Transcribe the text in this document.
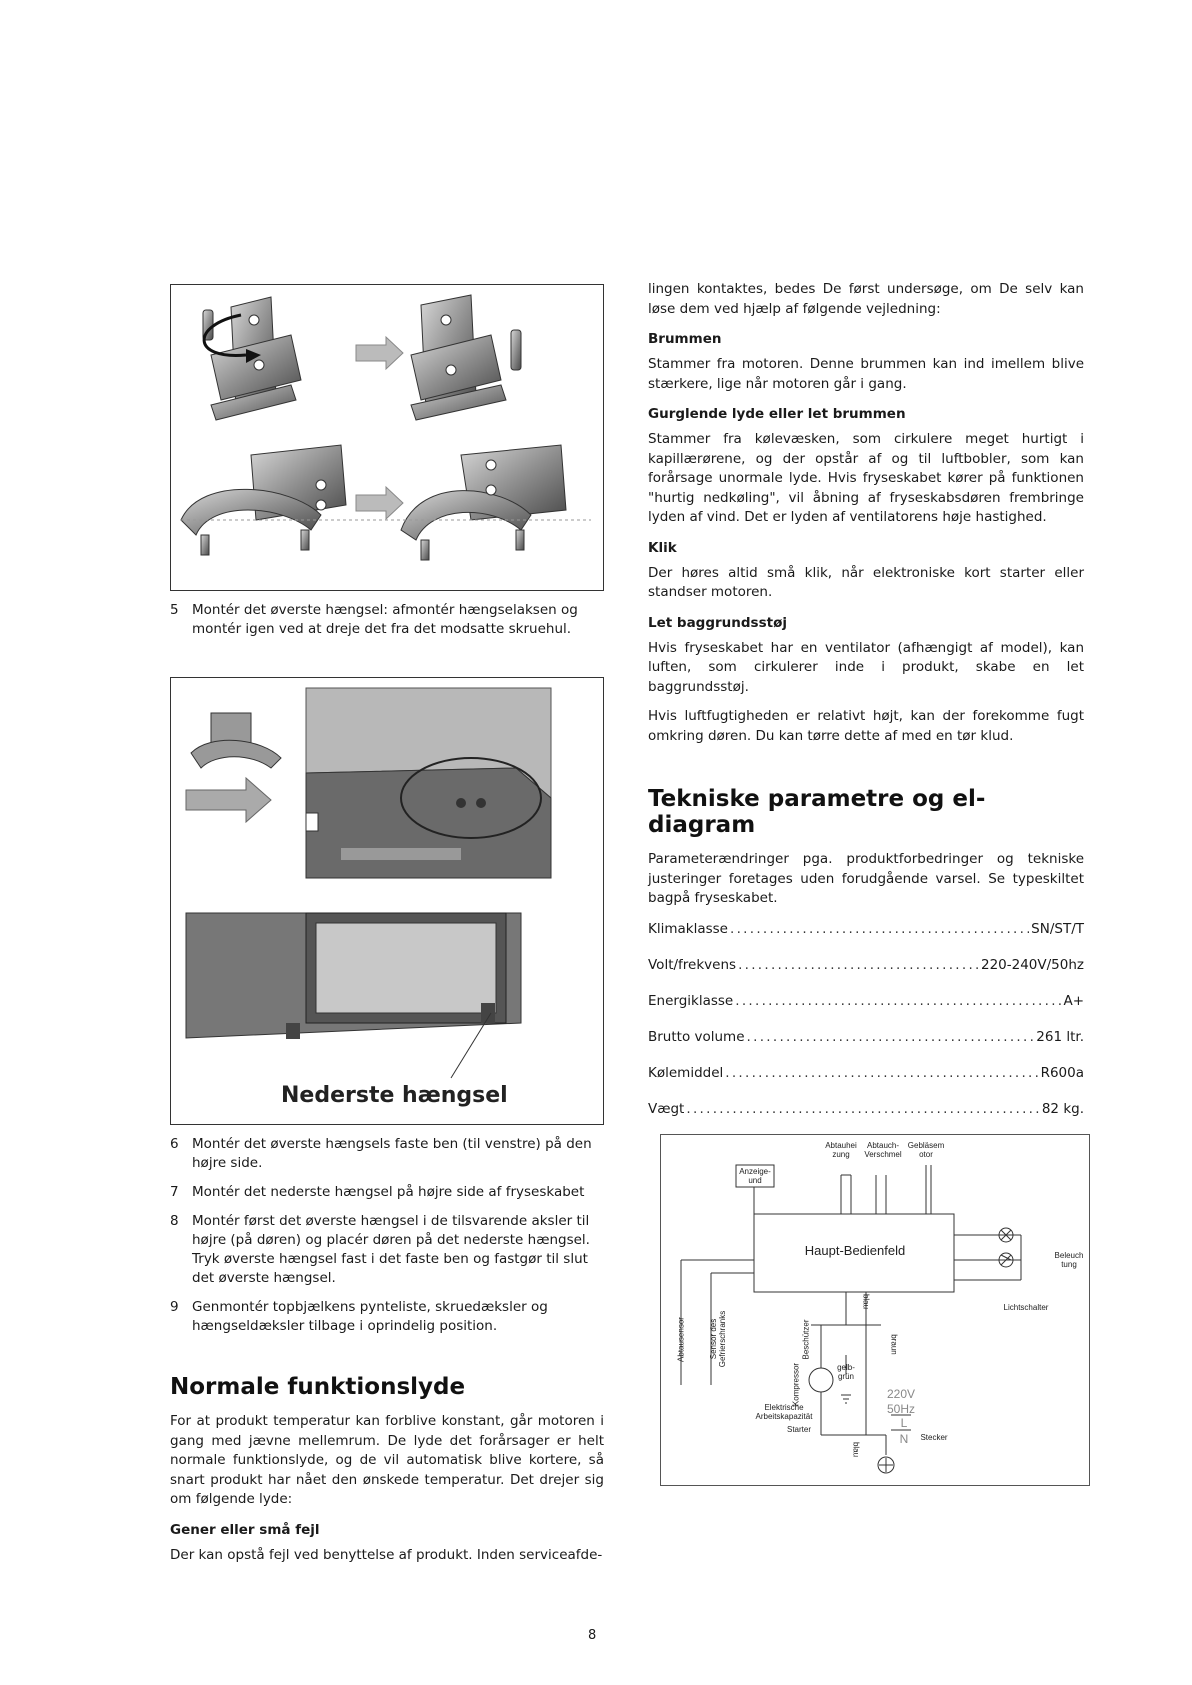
5 Montér det øverste hængsel: afmontér hængselaksen og montér igen ved at dreje det fra det modsatte skruehul.
Nederste hængsel
6 Montér det øverste hængsels faste ben (til venstre) på den højre side.
7 Montér det nederste hængsel på højre side af fryseskabet
8 Montér først det øverste hængsel i de tilsvarende aksler til højre (på døren) og placér døren på det nederste hængsel. Tryk øverste hængsel fast i det faste ben og fastgør til slut det øverste hængsel.
9 Genmontér topbjælkens pynteliste, skruedæksler og hængseldæksler tilbage i oprindelig position.
Normale funktionslyde
For at produkt temperatur kan forblive konstant, går motoren i gang med jævne mellemrum. De lyde det forårsager er helt normale funktionslyde, og de vil automatisk blive kortere, så snart produkt har nået den ønskede temperatur. Det drejer sig om følgende lyde:
Gener eller små fejl
Der kan opstå fejl ved benyttelse af produkt. Inden serviceafde-
lingen kontaktes, bedes De først undersøge, om De selv kan løse dem ved hjælp af følgende vejledning:
Brummen
Stammer fra motoren. Denne brummen kan ind imellem blive stærkere, lige når motoren går i gang.
Gurglende lyde eller let brummen
Stammer fra kølevæsken, som cirkulere meget hurtigt i kapillærørene, og der opstår af og til luftbobler, som kan forårsage unormale lyde. Hvis fryseskabet kører på funktionen "hurtig nedkøling", vil åbning af fryseskabsdøren frembringe lyden af vind. Det er lyden af ventilatorens høje hastighed.
Klik
Der høres altid små klik, når elektroniske kort starter eller standser motoren.
Let baggrundsstøj
Hvis fryseskabet har en ventilator (afhængigt af model), kan luften, som cirkulerer inde i produkt, skabe en let baggrundsstøj.
Hvis luftfugtigheden er relativt højt, kan der forekomme fugt omkring døren. Du kan tørre dette af med en tør klud.
Tekniske parametre og el-diagram
Parameterændringer pga. produktforbedringer og tekniske justeringer foretages uden forudgående varsel. Se typeskiltet bagpå fryseskabet.
Klimaklasse . . .	SN/ST/T
Volt/frekvens . . .	220-240V/50hz
Energiklasse . . .	A+
Brutto volume . . .	261 ltr.
Kølemiddel . . .	R600a
Vægt . . .	82 kg.
Haupt-Bedienfeld
Abtauhei zung
Abtauch- Verschmel
Gebläsem otor
Anzeige- und
Beleuch tung
Lichtschalter
Abtausensor	Sensor des Gefrierschranks
blau
Beschützer
Kompressor	gelb- grün
braun
220V
50Hz
L
N	Stecker
Elektrische Arbeitskapazität
Starter
blau
8
